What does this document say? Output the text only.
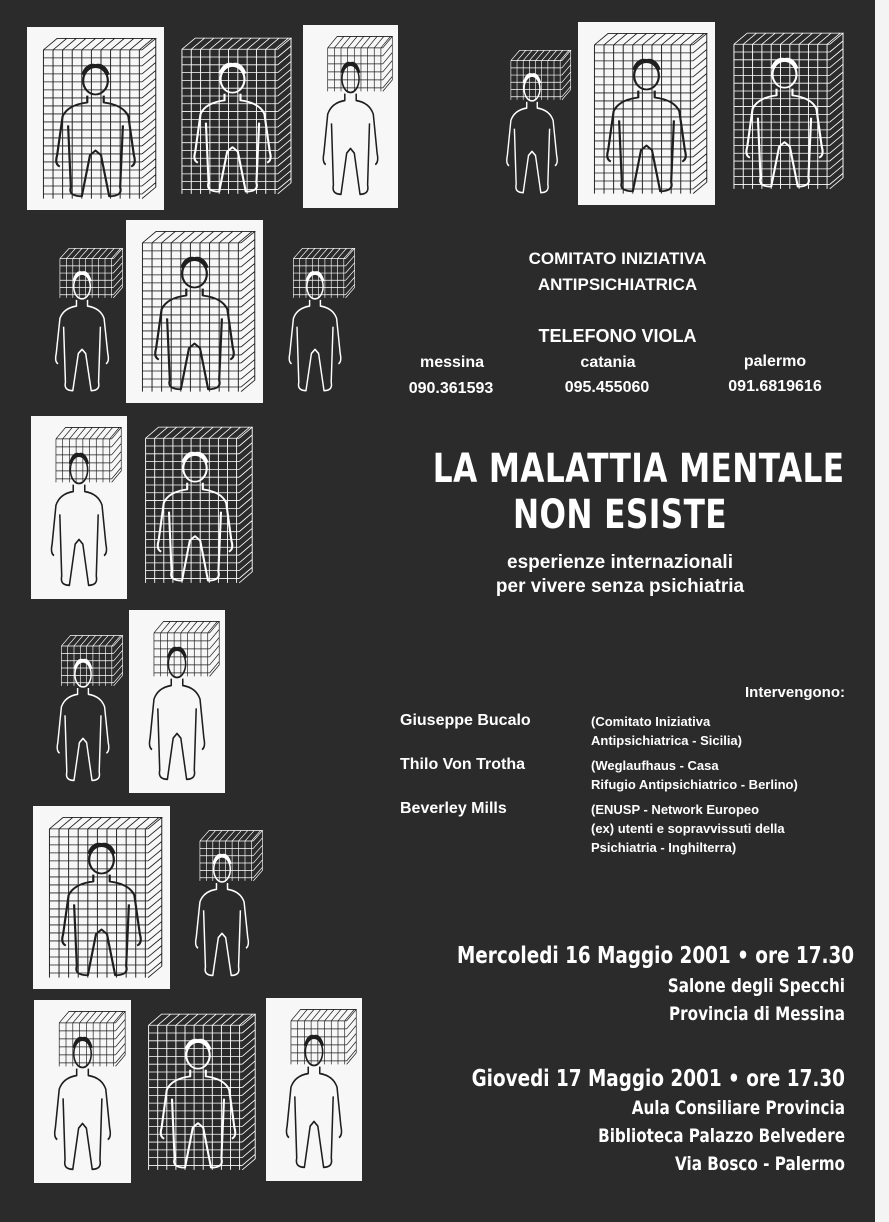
COMITATO INIZIATIVA
ANTIPSICHIATRICA
TELEFONO VIOLA
messina	catania	palermo
090.361593	095.455060	091.6819616
LA MALATTIA MENTALE
NON ESISTE
esperienze internazionali
per vivere senza psichiatria
Intervengono:
Giuseppe Bucalo	(Comitato Iniziativa
Antipsichiatrica - Sicilia)
Thilo Von Trotha	(Weglaufhaus - Casa
Rifugio Antipsichiatrico - Berlino)
Beverley Mills	(ENUSP - Network Europeo
(ex) utenti e sopravvissuti della
Psichiatria - Inghilterra)
Mercoledi 16 Maggio 2001 • ore 17.30
Salone degli Specchi
Provincia di Messina
Giovedi 17 Maggio 2001 • ore 17.30
Aula Consiliare Provincia
Biblioteca Palazzo Belvedere
Via Bosco - Palermo
